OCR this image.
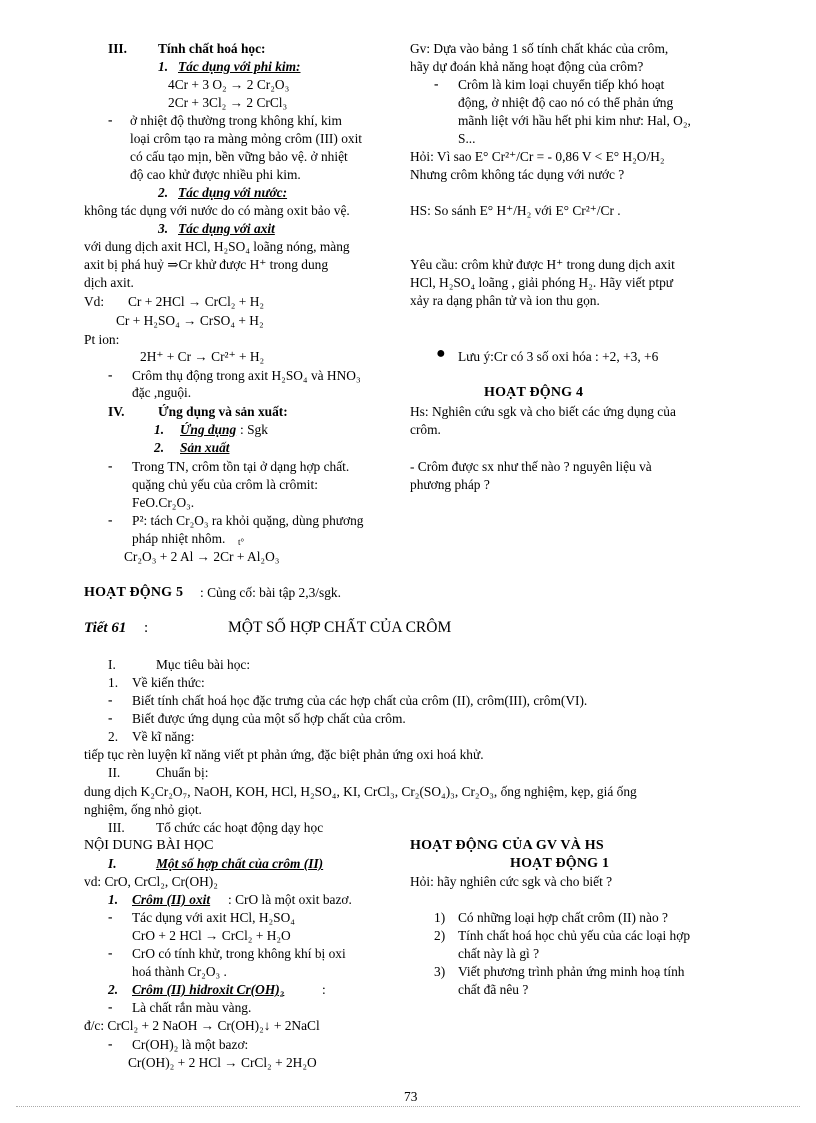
III. Tính chất hoá học:
1. Tác dụng với phi kim:
4Cr + 3 O₂ → 2 Cr₂O₃
2Cr + 3Cl₂ → 2 CrCl₃
- ở nhiệt độ thường trong không khí, kim
loại crôm tạo ra màng mỏng crôm (III) oxit
có cấu tạo mịn, bền vững bảo vệ. ở nhiệt
độ cao khử được nhiều phi kim.
2. Tác dụng với nước:
không tác dụng với nước do có màng oxit bảo vệ.
3. Tác dụng với axit
với dung dịch axit HCl, H₂SO₄ loãng nóng, màng
axit bị phá huỷ ⇒Cr khử được H⁺ trong dung
dịch axit.
Vd: Cr + 2HCl → CrCl₂ + H₂
Cr + H₂SO₄ → CrSO₄ + H₂
Pt ion:
2H⁺ + Cr → Cr²⁺ + H₂
- Crôm thụ động trong axit H₂SO₄ và HNO₃
đặc ,nguội.
IV. Ứng dụng và sản xuất:
1. Ứng dụng : Sgk
2. Sản xuất
- Trong TN, crôm tồn tại ở dạng hợp chất.
quặng chủ yếu của crôm là crômit:
FeO.Cr₂O₃.
- P²: tách Cr₂O₃ ra khỏi quặng, dùng phương
pháp nhiệt nhôm. t°
Cr₂O₃ + 2 Al → 2Cr + Al₂O₃
Gv: Dựa vào bảng 1 số tính chất khác của crôm,
hãy dự đoán khả năng hoạt động của crôm?
- Crôm là kim loại chuyển tiếp khó hoạt
động, ở nhiệt độ cao nó có thể phản ứng
mãnh liệt với hầu hết phi kim như: Hal, O₂,
S...
Hỏi: Vì sao E° Cr²⁺/Cr = - 0,86 V < E° H₂O/H₂
Nhưng crôm không tác dụng với nước ?
HS: So sánh E° H⁺/H₂ với E° Cr²⁺/Cr .
Yêu cầu: crôm khử được H⁺ trong dung dịch axit
HCl, H₂SO₄ loãng , giải phóng H₂. Hãy viết ptpư
xảy ra dạng phân tử và ion thu gọn.
● Lưu ý:Cr có 3 số oxi hóa : +2, +3, +6
HOẠT ĐỘNG 4
Hs: Nghiên cứu sgk và cho biết các ứng dụng của
crôm.
- Crôm được sx như thế nào ? nguyên liệu và
phương pháp ?
HOẠT ĐỘNG 5 : Củng cố: bài tập 2,3/sgk.
Tiết 61 :	MỘT SỐ HỢP CHẤT CỦA CRÔM
I.	Mục tiêu bài học:
1. Về kiến thức:
- Biết tính chất hoá học đặc trưng của các hợp chất của crôm (II), crôm(III), crôm(VI).
- Biết được ứng dụng của một số hợp chất của crôm.
2. Về kĩ năng:
tiếp tục rèn luyện kĩ năng viết pt phản ứng, đặc biệt phản ứng oxi hoá khử.
II.	Chuẩn bị:
dung dịch K₂Cr₂O₇, NaOH, KOH, HCl, H₂SO₄, KI, CrCl₃, Cr₂(SO₄)₃, Cr₂O₃, ống nghiệm, kẹp, giá ống
nghiệm, ống nhỏ giọt.
III. Tổ chức các hoạt động dạy học
NỘI DUNG BÀI HỌC
I.	Một số hợp chất của crôm (II)
vd: CrO, CrCl₂, Cr(OH)₂
1. Crôm (II) oxit : CrO là một oxit bazơ.
- Tác dụng với axit HCl, H₂SO₄
CrO + 2 HCl → CrCl₂ + H₂O
- CrO có tính khử, trong không khí bị oxi
hoá thành Cr₂O₃ .
2. Crôm (II) hidroxit Cr(OH)₂	:
- Là chất rắn màu vàng.
đ/c: CrCl₂ + 2 NaOH → Cr(OH)₂↓ + 2NaCl
- Cr(OH)₂ là một bazơ:
Cr(OH)₂ + 2 HCl → CrCl₂ + 2H₂O
HOẠT ĐỘNG CỦA GV VÀ HS
HOẠT ĐỘNG 1
Hỏi: hãy nghiên cức sgk và cho biết ?
1) Có những loại hợp chất crôm (II) nào ?
2) Tính chất hoá học chủ yếu của các loại hợp
chất này là gì ?
3) Viết phương trình phản ứng minh hoạ tính
chất đã nêu ?
73
